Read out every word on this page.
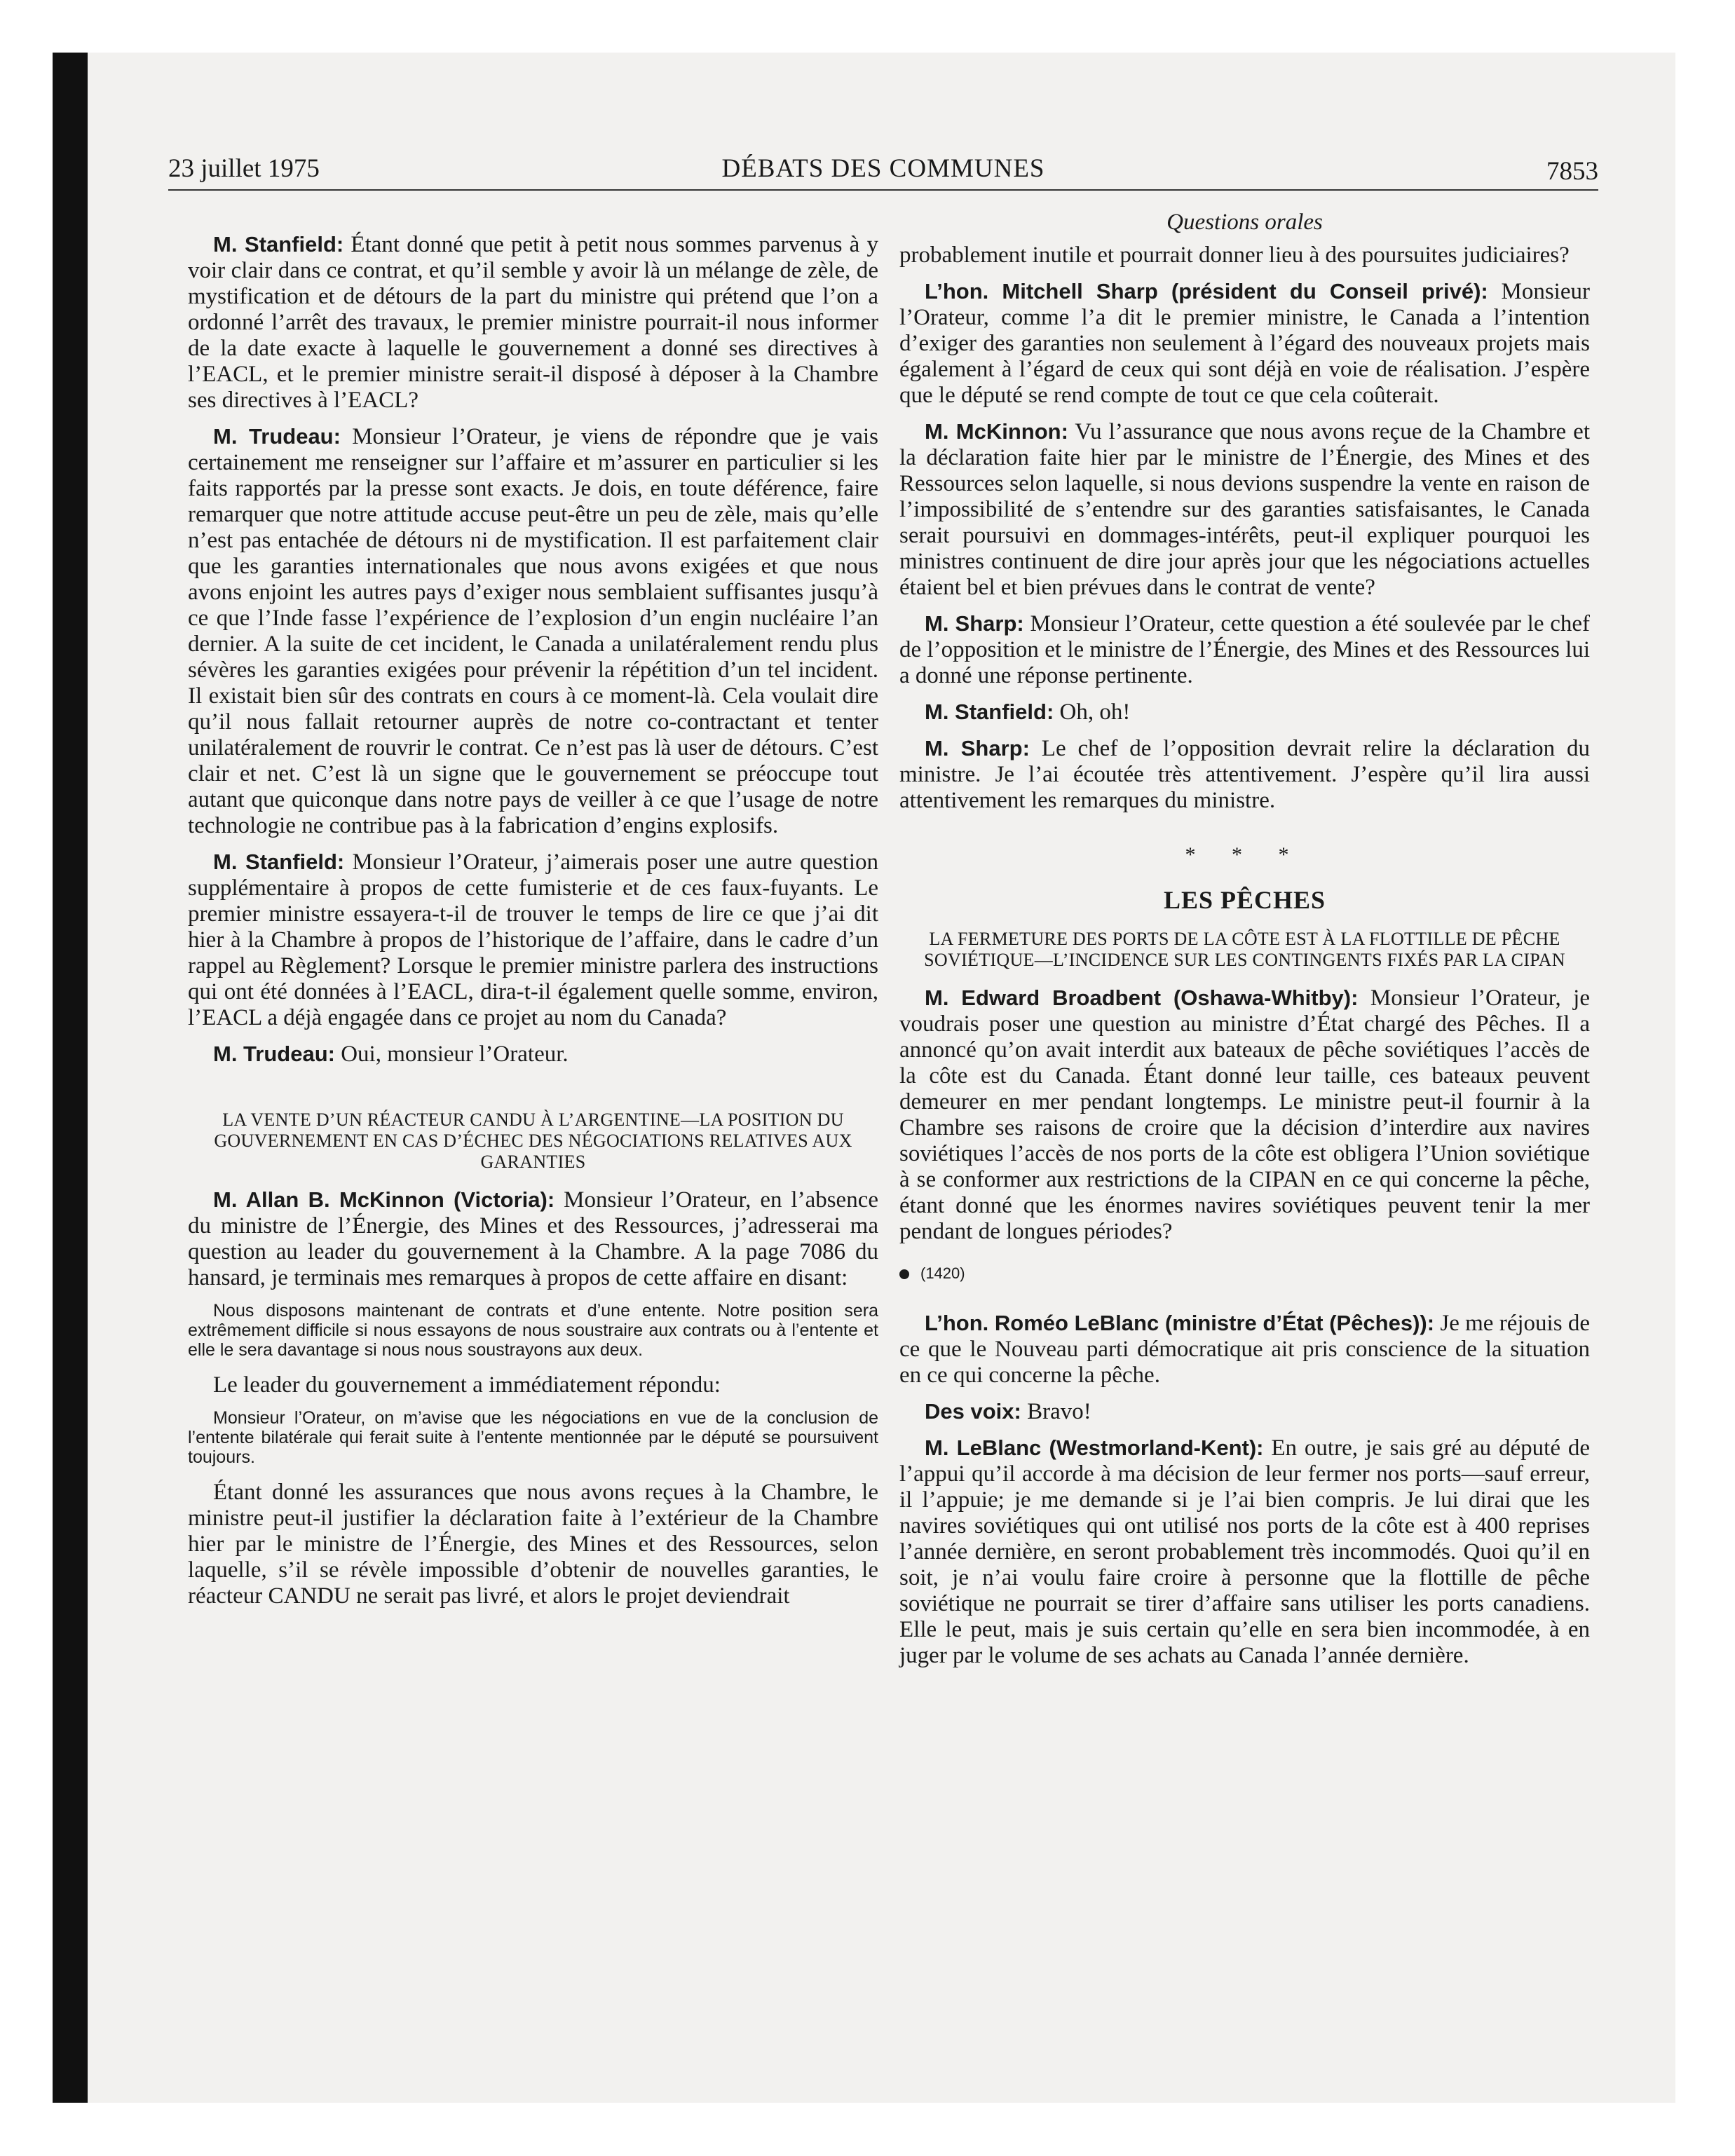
23 juillet 1975	DÉBATS DES COMMUNES	7853

M. Stanfield: Étant donné que petit à petit nous sommes parvenus à y voir clair dans ce contrat, et qu’il semble y avoir là un mélange de zèle, de mystification et de détours de la part du ministre qui prétend que l’on a ordonné l’arrêt des travaux, le premier ministre pourrait-il nous informer de la date exacte à laquelle le gouvernement a donné ses directives à l’EACL, et le premier ministre serait-il disposé à déposer à la Chambre ses directives à l’EACL?

M. Trudeau: Monsieur l’Orateur, je viens de répondre que je vais certainement me renseigner sur l’affaire et m’assurer en particulier si les faits rapportés par la presse sont exacts. Je dois, en toute déférence, faire remarquer que notre attitude accuse peut-être un peu de zèle, mais qu’elle n’est pas entachée de détours ni de mystification. Il est parfaitement clair que les garanties internationales que nous avons exigées et que nous avons enjoint les autres pays d’exiger nous semblaient suffisantes jusqu’à ce que l’Inde fasse l’expérience de l’explosion d’un engin nucléaire l’an dernier. A la suite de cet incident, le Canada a unilatéralement rendu plus sévères les garanties exigées pour prévenir la répétition d’un tel incident. Il existait bien sûr des contrats en cours à ce moment-là. Cela voulait dire qu’il nous fallait retourner auprès de notre co-contractant et tenter unilatéralement de rouvrir le contrat. Ce n’est pas là user de détours. C’est clair et net. C’est là un signe que le gouvernement se préoccupe tout autant que quiconque dans notre pays de veiller à ce que l’usage de notre technologie ne contribue pas à la fabrication d’engins explosifs.

M. Stanfield: Monsieur l’Orateur, j’aimerais poser une autre question supplémentaire à propos de cette fumisterie et de ces faux-fuyants. Le premier ministre essayera-t-il de trouver le temps de lire ce que j’ai dit hier à la Chambre à propos de l’historique de l’affaire, dans le cadre d’un rappel au Règlement? Lorsque le premier ministre parlera des instructions qui ont été données à l’EACL, dira-t-il également quelle somme, environ, l’EACL a déjà engagée dans ce projet au nom du Canada?

M. Trudeau: Oui, monsieur l’Orateur.

LA VENTE D’UN RÉACTEUR CANDU À L’ARGENTINE—LA POSITION DU GOUVERNEMENT EN CAS D’ÉCHEC DES NÉGOCIATIONS RELATIVES AUX GARANTIES

M. Allan B. McKinnon (Victoria): Monsieur l’Orateur, en l’absence du ministre de l’Énergie, des Mines et des Ressources, j’adresserai ma question au leader du gouvernement à la Chambre. A la page 7086 du hansard, je terminais mes remarques à propos de cette affaire en disant:

Nous disposons maintenant de contrats et d’une entente. Notre position sera extrêmement difficile si nous essayons de nous soustraire aux contrats ou à l’entente et elle le sera davantage si nous nous soustrayons aux deux.

Le leader du gouvernement a immédiatement répondu:

Monsieur l’Orateur, on m’avise que les négociations en vue de la conclusion de l’entente bilatérale qui ferait suite à l’entente mentionnée par le député se poursuivent toujours.

Étant donné les assurances que nous avons reçues à la Chambre, le ministre peut-il justifier la déclaration faite à l’extérieur de la Chambre hier par le ministre de l’Énergie, des Mines et des Ressources, selon laquelle, s’il se révèle impossible d’obtenir de nouvelles garanties, le réacteur CANDU ne serait pas livré, et alors le projet deviendrait

Questions orales

probablement inutile et pourrait donner lieu à des poursuites judiciaires?

L’hon. Mitchell Sharp (président du Conseil privé): Monsieur l’Orateur, comme l’a dit le premier ministre, le Canada a l’intention d’exiger des garanties non seulement à l’égard des nouveaux projets mais également à l’égard de ceux qui sont déjà en voie de réalisation. J’espère que le député se rend compte de tout ce que cela coûterait.

M. McKinnon: Vu l’assurance que nous avons reçue de la Chambre et la déclaration faite hier par le ministre de l’Énergie, des Mines et des Ressources selon laquelle, si nous devions suspendre la vente en raison de l’impossibilité de s’entendre sur des garanties satisfaisantes, le Canada serait poursuivi en dommages-intérêts, peut-il expliquer pourquoi les ministres continuent de dire jour après jour que les négociations actuelles étaient bel et bien prévues dans le contrat de vente?

M. Sharp: Monsieur l’Orateur, cette question a été soulevée par le chef de l’opposition et le ministre de l’Énergie, des Mines et des Ressources lui a donné une réponse pertinente.

M. Stanfield: Oh, oh!

M. Sharp: Le chef de l’opposition devrait relire la déclaration du ministre. Je l’ai écoutée très attentivement. J’espère qu’il lira aussi attentivement les remarques du ministre.

* * *
LES PÊCHES
LA FERMETURE DES PORTS DE LA CÔTE EST À LA FLOTTILLE DE PÊCHE SOVIÉTIQUE—L’INCIDENCE SUR LES CONTINGENTS FIXÉS PAR LA CIPAN

M. Edward Broadbent (Oshawa-Whitby): Monsieur l’Orateur, je voudrais poser une question au ministre d’État chargé des Pêches. Il a annoncé qu’on avait interdit aux bateaux de pêche soviétiques l’accès de la côte est du Canada. Étant donné leur taille, ces bateaux peuvent demeurer en mer pendant longtemps. Le ministre peut-il fournir à la Chambre ses raisons de croire que la décision d’interdire aux navires soviétiques l’accès de nos ports de la côte est obligera l’Union soviétique à se conformer aux restrictions de la CIPAN en ce qui concerne la pêche, étant donné que les énormes navires soviétiques peuvent tenir la mer pendant de longues périodes?

(1420)

L’hon. Roméo LeBlanc (ministre d’État (Pêches)): Je me réjouis de ce que le Nouveau parti démocratique ait pris conscience de la situation en ce qui concerne la pêche.

Des voix: Bravo!

M. LeBlanc (Westmorland-Kent): En outre, je sais gré au député de l’appui qu’il accorde à ma décision de leur fermer nos ports—sauf erreur, il l’appuie; je me demande si je l’ai bien compris. Je lui dirai que les navires soviétiques qui ont utilisé nos ports de la côte est à 400 reprises l’année dernière, en seront probablement très incommodés. Quoi qu’il en soit, je n’ai voulu faire croire à personne que la flottille de pêche soviétique ne pourrait se tirer d’affaire sans utiliser les ports canadiens. Elle le peut, mais je suis certain qu’elle en sera bien incommodée, à en juger par le volume de ses achats au Canada l’année dernière.
